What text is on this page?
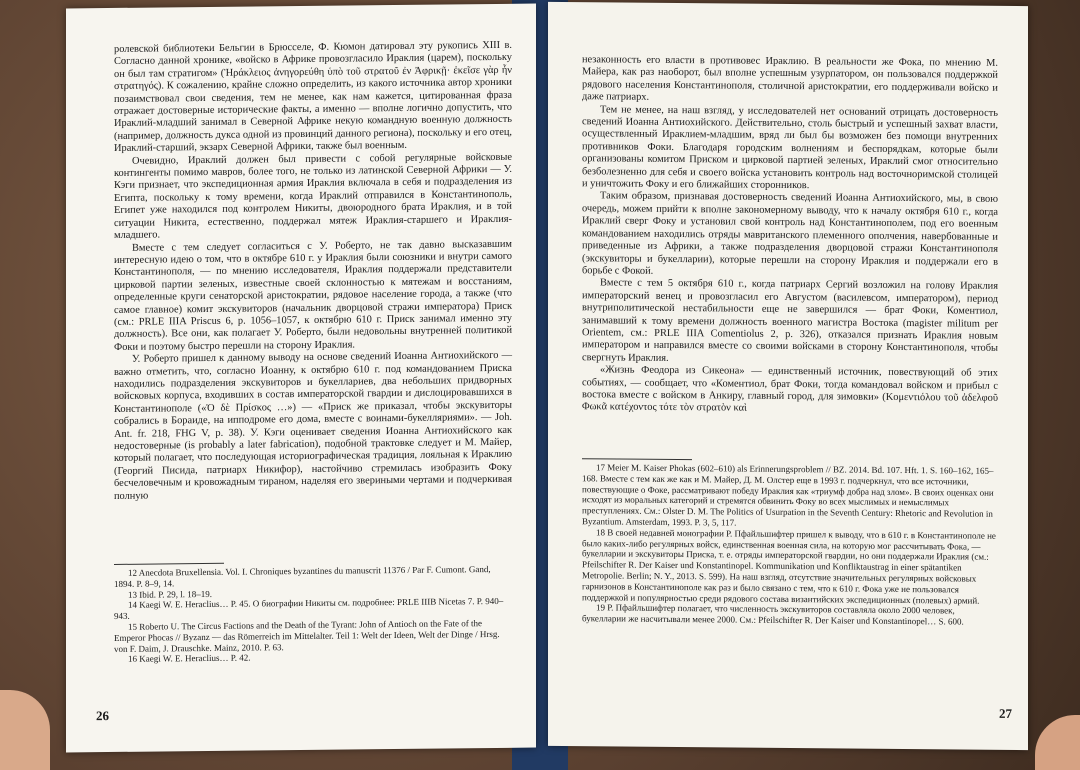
ролевской библиотеки Бельгии в Брюсселе, Ф. Кюмон датировал эту рукопись XIII в. Согласно данной хронике, «войско в Африке провозгласило Ираклия (царем), поскольку он был там стратигом» (Ἡράκλειος ἀνηγορεύθη ὑπὸ τοῦ στρατοῦ ἐν Ἀφρικῇ· ἐκεῖσε γὰρ ἦν στρατηγός). К сожалению, крайне сложно определить, из какого источника автор хроники позаимствовал свои сведения, тем не менее, как нам кажется, цитированная фраза отражает достоверные исторические факты, а именно — вполне логично допустить, что Ираклий-младший занимал в Северной Африке некую командную военную должность (например, должность дукса одной из провинций данного региона), поскольку и его отец, Ираклий-старший, экзарх Северной Африки, также был военным.

Очевидно, Ираклий должен был привести с собой регулярные войсковые контингенты помимо мавров, более того, не только из латинской Северной Африки — У. Кэги признает, что экспедиционная армия Ираклия включала в себя и подразделения из Египта, поскольку к тому времени, когда Ираклий отправился в Константинополь, Египет уже находился под контролем Никиты, двоюродного брата Ираклия, и в той ситуации Никита, естественно, поддержал мятеж Ираклия-старшего и Ираклия-младшего.

Вместе с тем следует согласиться с У. Роберто, не так давно высказавшим интересную идею о том, что в октябре 610 г. у Ираклия были союзники и внутри самого Константинополя, — по мнению исследователя, Ираклия поддержали представители цирковой партии зеленых, известные своей склонностью к мятежам и восстаниям, определенные круги сенаторской аристократии, рядовое население города, а также (что самое главное) комит экскувиторов (начальник дворцовой стражи императора) Приск (см.: PRLE IIIA Priscus 6, p. 1056–1057, к октябрю 610 г. Приск занимал именно эту должность). Все они, как полагает У. Роберто, были недовольны внутренней политикой Фоки и поэтому быстро перешли на сторону Ираклия.

У. Роберто пришел к данному выводу на основе сведений Иоанна Антиохийского — важно отметить, что, согласно Иоанну, к октябрю 610 г. под командованием Приска находились подразделения экскувиторов и букеллариев, два небольших придворных войсковых корпуса, входивших в состав императорской гвардии и дислоцировавшихся в Константинополе («Ὁ δὲ Πρίσκος …») — «Приск же приказал, чтобы экскувиторы собрались в Бораиде, на ипподроме его дома, вместе с воинами-букелляриями». — Joh. Ant. fr. 218, FHG V, p. 38). У. Кэги оценивает сведения Иоанна Антиохийского как недостоверные (is probably a later fabrication), подобной трактовке следует и М. Майер, который полагает, что последующая историографическая традиция, лояльная к Ираклию (Георгий Писида, патриарх Никифор), настойчиво стремилась изобразить Фоку бесчеловечным и кровожадным тираном, наделяя его звериными чертами и подчеркивая полную

12 Anecdota Bruxellensia. Vol. I. Chroniques byzantines du manuscrit 11376 / Par F. Cumont. Gand, 1894. P. 8–9, 14.

13 Ibid. P. 29, l. 18–19.

14 Kaegi W. E. Heraclius… P. 45. О биографии Никиты см. подробнее: PRLE IIIB Nicetas 7. P. 940–943.

15 Roberto U. The Circus Factions and the Death of the Tyrant: John of Antioch on the Fate of the Emperor Phocas // Byzanz — das Römerreich im Mittelalter. Teil 1: Welt der Ideen, Welt der Dinge / Hrsg. von F. Daim, J. Drauschke. Mainz, 2010. P. 63.

16 Kaegi W. E. Heraclius… P. 42.

26

незаконность его власти в противовес Ираклию. В реальности же Фока, по мнению М. Майера, как раз наоборот, был вполне успешным узурпатором, он пользовался поддержкой рядового населения Константинополя, столичной аристократии, его поддерживали войско и даже патриарх.

Тем не менее, на наш взгляд, у исследователей нет оснований отрицать достоверность сведений Иоанна Антиохийского. Действительно, столь быстрый и успешный захват власти, осуществленный Ираклием-младшим, вряд ли был бы возможен без помощи внутренних противников Фоки. Благодаря городским волнениям и беспорядкам, которые были организованы комитом Приском и цирковой партией зеленых, Ираклий смог относительно безболезненно для себя и своего войска установить контроль над восточноримской столицей и уничтожить Фоку и его ближайших сторонников.

Таким образом, признавая достоверность сведений Иоанна Антиохийского, мы, в свою очередь, можем прийти к вполне закономерному выводу, что к началу октября 610 г., когда Ираклий сверг Фоку и установил свой контроль над Константинополем, под его военным командованием находились отряды мавританского племенного ополчения, навербованные и приведенные из Африки, а также подразделения дворцовой стражи Константинополя (экскувиторы и букелларии), которые перешли на сторону Ираклия и поддержали его в борьбе с Фокой.

Вместе с тем 5 октября 610 г., когда патриарх Сергий возложил на голову Ираклия императорский венец и провозгласил его Августом (василевсом, императором), период внутриполитической нестабильности еще не завершился — брат Фоки, Коментиол, занимавший к тому времени должность военного магистра Востока (magister militum per Orientem, см.: PRLE IIIA Comentiolus 2, p. 326), отказался признать Ираклия новым императором и направился вместе со своими войсками в сторону Константинополя, чтобы свергнуть Ираклия.

«Жизнь Феодора из Сикеона» — единственный источник, повествующий об этих событиях, — сообщает, что «Коментиол, брат Фоки, тогда командовал войском и прибыл с востока вместе с войском в Анкиру, главный город, для зимовки» (Κομεντιόλου τοῦ ἀδελφοῦ Φωκᾶ κατέχοντος τότε τὸν στρατὸν καὶ

17 Meier M. Kaiser Phokas (602–610) als Erinnerungsproblem // BZ. 2014. Bd. 107. Hft. 1. S. 160–162, 165–168. Вместе с тем как же как и М. Майер, Д. М. Олстер еще в 1993 г. подчеркнул, что все источники, повествующие о Фоке, рассматривают победу Ираклия как «триумф добра над злом». В своих оценках они исходят из моральных категорий и стремятся обвинить Фоку во всех мыслимых и немыслимых преступлениях. См.: Olster D. M. The Politics of Usurpation in the Seventh Century: Rhetoric and Revolution in Byzantium. Amsterdam, 1993. P. 3, 5, 117.

18 В своей недавней монографии Р. Пфайльшифтер пришел к выводу, что в 610 г. в Константинополе не было каких-либо регулярных войск, единственная военная сила, на которую мог рассчитывать Фока, — букелларии и экскувиторы Приска, т. е. отряды императорской гвардии, но они поддержали Ираклия (см.: Pfeilschifter R. Der Kaiser und Konstantinopel. Kommunikation und Konfliktaustrag in einer spätantiken Metropolie. Berlin; N. Y., 2013. S. 599). На наш взгляд, отсутствие значительных регулярных войсковых гарнизонов в Константинополе как раз и было связано с тем, что к 610 г. Фока уже не пользовался поддержкой и популярностью среди рядового состава византийских экспедиционных (полевых) армий.

19 Р. Пфайльшифтер полагает, что численность экскувиторов составляла около 2000 человек, букелларии же насчитывали менее 2000. См.: Pfeilschifter R. Der Kaiser und Konstantinopel… S. 600.

27
